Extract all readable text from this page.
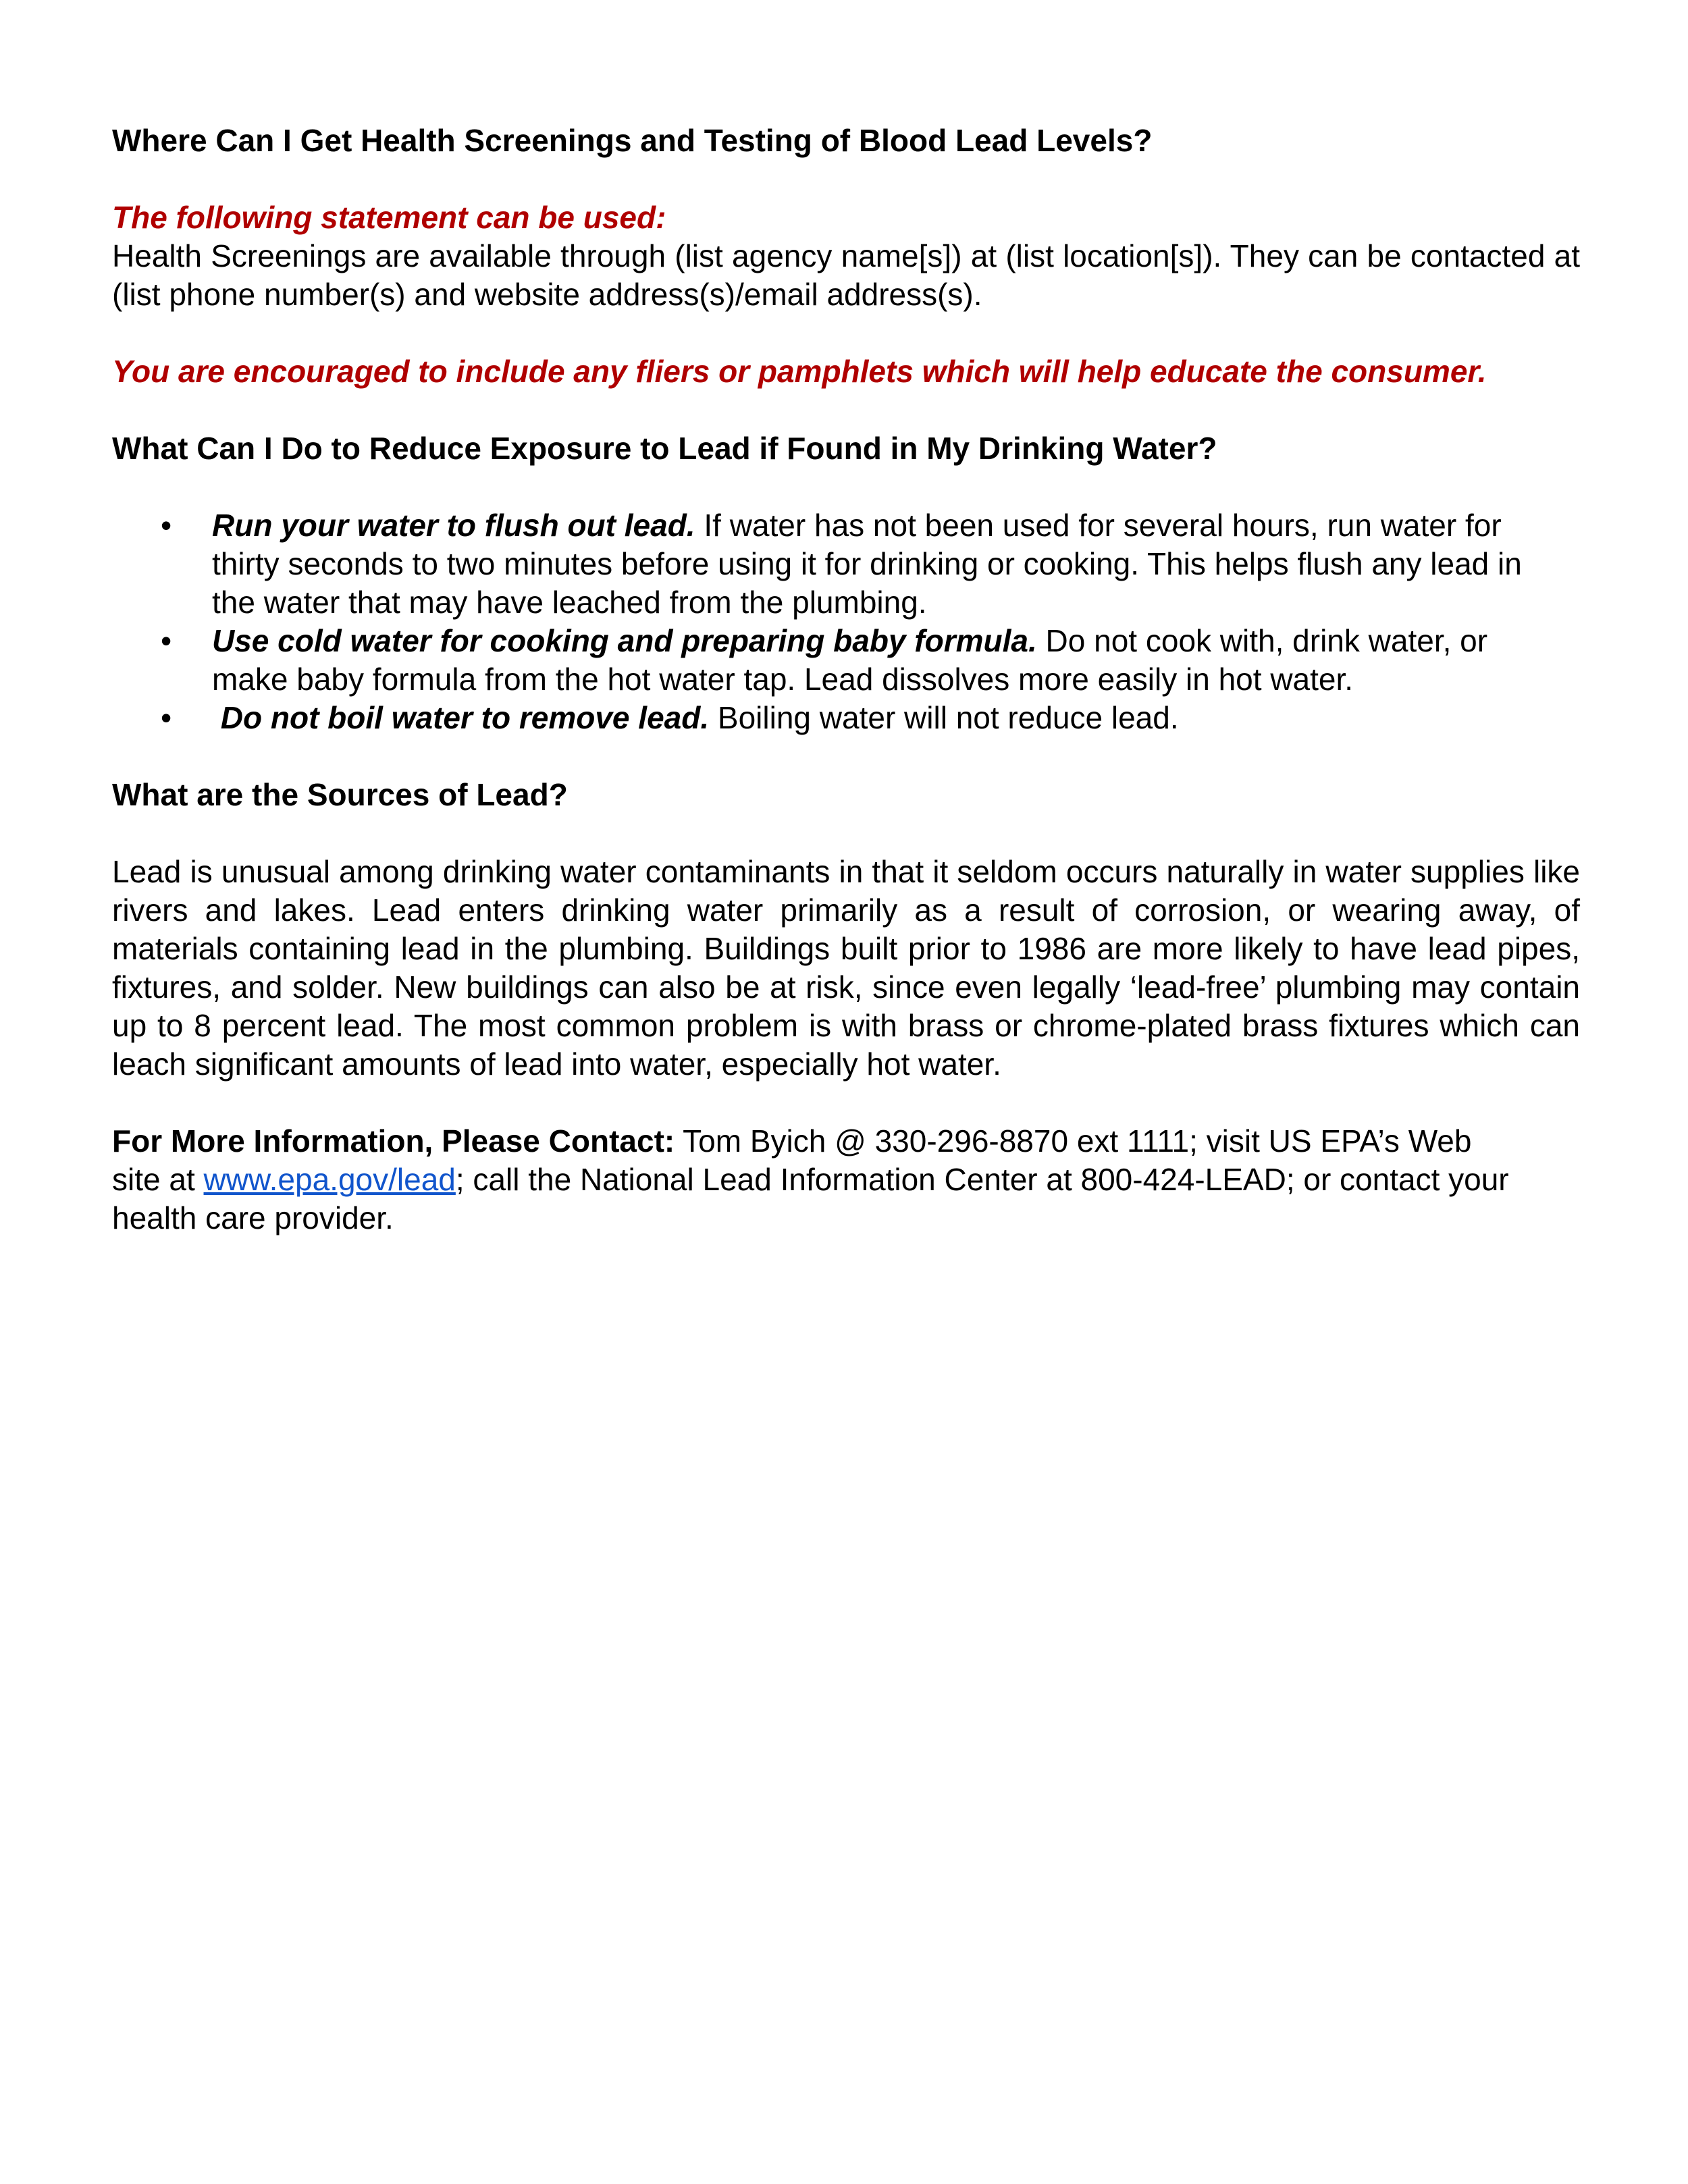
Where Can I Get Health Screenings and Testing of Blood Lead Levels?

The following statement can be used:

Health Screenings are available through (list agency name[s]) at (list location[s]). They can be contacted at (list phone number(s) and website address(s)/email address(s).

You are encouraged to include any fliers or pamphlets which will help educate the consumer.

What Can I Do to Reduce Exposure to Lead if Found in My Drinking Water?

• Run your water to flush out lead. If water has not been used for several hours, run water for thirty seconds to two minutes before using it for drinking or cooking. This helps flush any lead in the water that may have leached from the plumbing.
• Use cold water for cooking and preparing baby formula. Do not cook with, drink water, or make baby formula from the hot water tap. Lead dissolves more easily in hot water.
• Do not boil water to remove lead. Boiling water will not reduce lead.

What are the Sources of Lead?

Lead is unusual among drinking water contaminants in that it seldom occurs naturally in water supplies like rivers and lakes. Lead enters drinking water primarily as a result of corrosion, or wearing away, of materials containing lead in the plumbing. Buildings built prior to 1986 are more likely to have lead pipes, fixtures, and solder. New buildings can also be at risk, since even legally ‘lead-free’ plumbing may contain up to 8 percent lead. The most common problem is with brass or chrome-plated brass fixtures which can leach significant amounts of lead into water, especially hot water.

For More Information, Please Contact: Tom Byich @ 330-296-8870 ext 1111; visit US EPA’s Web site at www.epa.gov/lead; call the National Lead Information Center at 800-424-LEAD; or contact your health care provider.
